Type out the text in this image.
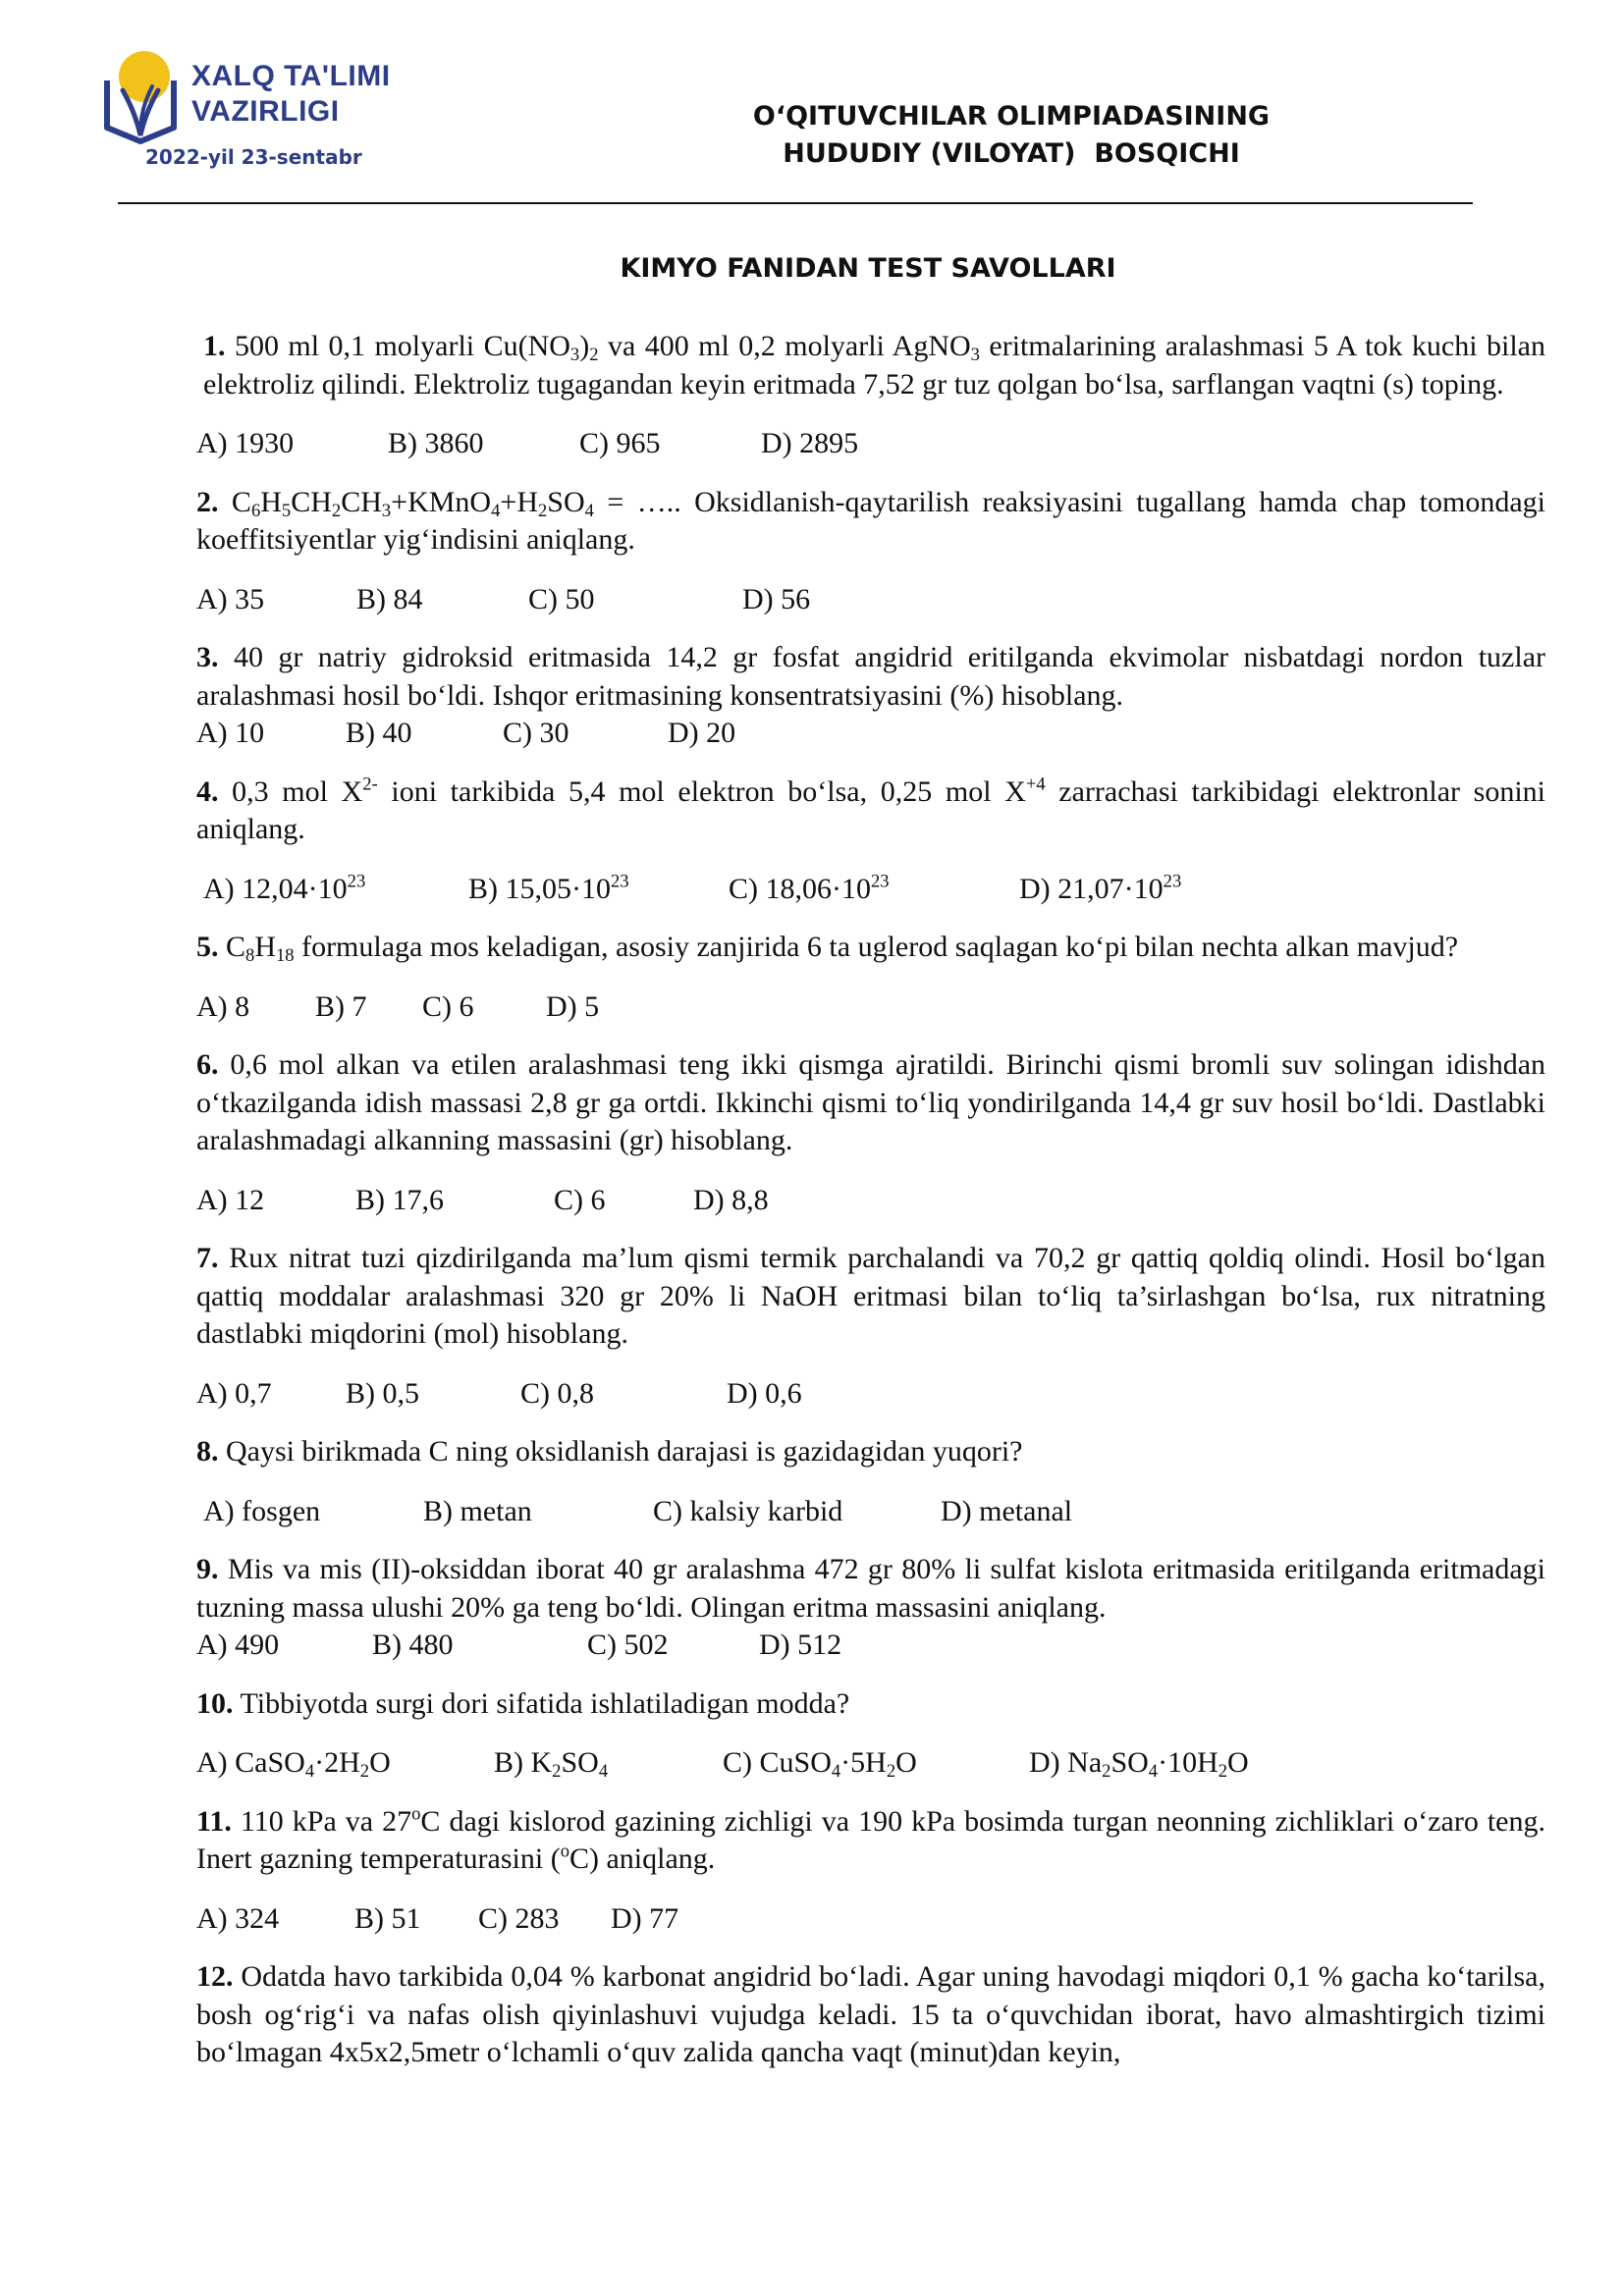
XALQ TA'LIMI
VAZIRLIGI
2022-yil 23-sentabr
O‘QITUVCHILAR OLIMPIADASINING
HUDUDIY (VILOYAT)  BOSQICHI
KIMYO FANIDAN TEST SAVOLLARI

1. 500 ml 0,1 molyarli $Cu(NO_3)_2$ va 400 ml 0,2 molyarli AgNO$_3$ eritmalarining aralashmasi 5 A tok kuchi bilan elektroliz qilindi. Elektroliz tugagandan keyin eritmada 7,52 gr tuz qolgan bo‘lsa, sarflangan vaqtni (s) toping.

A) 1930	B) 3860	C) 965	D) 2895

2. $C_6H_5CH_2CH_3+KMnO_4+H_2SO_4$ = ….. Oksidlanish-qaytarilish reaksiyasini tugallang hamda chap tomondagi koeffitsiyentlar yig‘indisini aniqlang.

A) 35	B) 84	C) 50	D) 56

3. 40 gr natriy gidroksid eritmasida 14,2 gr fosfat angidrid eritilganda ekvimolar nisbatdagi nordon tuzlar aralashmasi hosil bo‘ldi. Ishqor eritmasining konsentratsiyasini (%) hisoblang.

A) 10	B) 40	C) 30	D) 20

4. 0,3 mol $X^{2-}$ ioni tarkibida 5,4 mol elektron bo‘lsa, 0,25 mol $X^{+4}$ zarrachasi tarkibidagi elektronlar sonini aniqlang.

A) $12,04\cdot 10^{23}$	B) $15,05\cdot 10^{23}$	C) $18,06\cdot 10^{23}$	D) $21,07\cdot 10^{23}$

5. $C_8H_{18}$ formulaga mos keladigan, asosiy zanjirida 6 ta uglerod saqlagan ko‘pi bilan nechta alkan mavjud?

A) 8	B) 7	C) 6	D) 5

6. 0,6 mol alkan va etilen aralashmasi teng ikki qismga ajratildi. Birinchi qismi bromli suv solingan idishdan o‘tkazilganda idish massasi 2,8 gr ga ortdi. Ikkinchi qismi to‘liq yondirilganda 14,4 gr suv hosil bo‘ldi. Dastlabki aralashmadagi alkanning massasini (gr) hisoblang.

A) 12	B) 17,6	C) 6	D) 8,8

7. Rux nitrat tuzi qizdirilganda ma’lum qismi termik parchalandi va 70,2 gr qattiq qoldiq olindi. Hosil bo‘lgan qattiq moddalar aralashmasi 320 gr 20% li NaOH eritmasi bilan to‘liq ta’sirlashgan bo‘lsa, rux nitratning dastlabki miqdorini (mol) hisoblang.

A) 0,7	B) 0,5	C) 0,8	D) 0,6

8. Qaysi birikmada C ning oksidlanish darajasi is gazidagidan yuqori?

A) fosgen	B) metan	C) kalsiy karbid	D) metanal

9. Mis va mis (II)-oksiddan iborat 40 gr aralashma 472 gr 80% li sulfat kislota eritmasida eritilganda eritmadagi tuzning massa ulushi 20% ga teng bo‘ldi. Olingan eritma massasini aniqlang.

A) 490	B) 480	C) 502	D) 512

10. Tibbiyotda surgi dori sifatida ishlatiladigan modda?

A) $CaSO_4\cdot 2H_2O$	B) $K_2SO_4$	C) $CuSO_4\cdot 5H_2O$	D) $Na_2SO_4\cdot 10H_2O$

11. 110 kPa va 27$^o$C dagi kislorod gazining zichligi va 190 kPa bosimda turgan neonning zichliklari o‘zaro teng. Inert gazning temperaturasini ($^o$C) aniqlang.

A) 324	B) 51	C) 283	D) 77

12. Odatda havo tarkibida 0,04 % karbonat angidrid bo‘ladi. Agar uning havodagi miqdori 0,1 % gacha ko‘tarilsa, bosh og‘rig‘i va nafas olish qiyinlashuvi vujudga keladi. 15 ta o‘quvchidan iborat, havo almashtirgich tizimi bo‘lmagan 4x5x2,5metr o‘lchamli o‘quv zalida qancha vaqt (minut)dan keyin,
